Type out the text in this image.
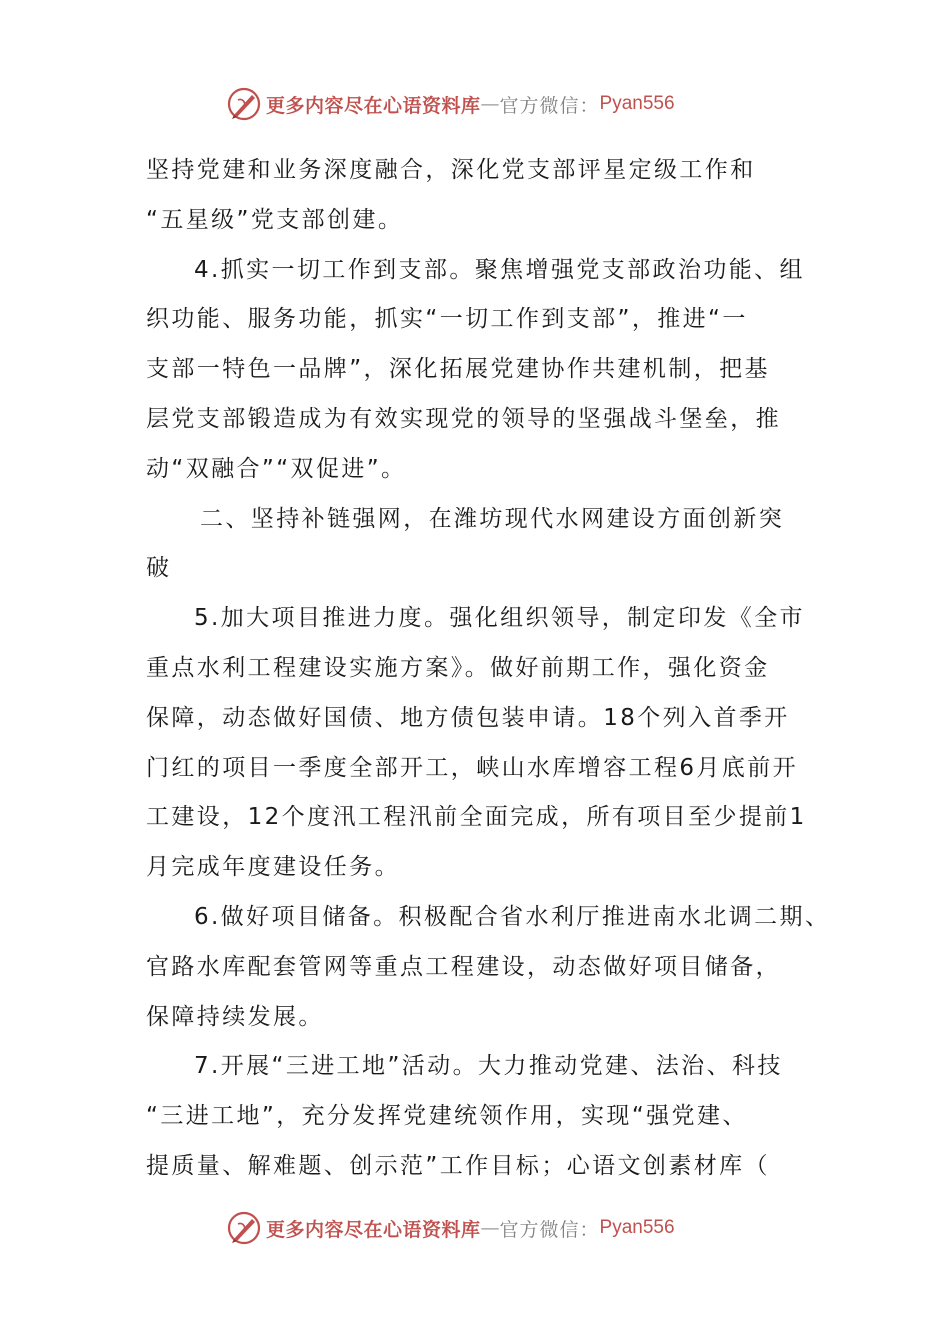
更多内容尽在心语资料库 — 官方微信： Pyan556
坚持党建和业务深度融合，深化党支部评星定级工作和
“五星级”党支部创建。
4.抓实一切工作到支部。聚焦增强党支部政治功能、组
织功能、服务功能，抓实“一切工作到支部”，推进“一
支部一特色一品牌”，深化拓展党建协作共建机制，把基
层党支部锻造成为有效实现党的领导的坚强战斗堡垒，推
动“双融合”“双促进”。
二、坚持补链强网，在潍坊现代水网建设方面创新突
破
5.加大项目推进力度。强化组织领导，制定印发《全市
重点水利工程建设实施方案》。做好前期工作，强化资金
保障，动态做好国债、地方债包装申请。18个列入首季开
门红的项目一季度全部开工，峡山水库增容工程6月底前开
工建设，12个度汛工程汛前全面完成，所有项目至少提前1
月完成年度建设任务。
6.做好项目储备。积极配合省水利厅推进南水北调二期、
官路水库配套管网等重点工程建设，动态做好项目储备，
保障持续发展。
7.开展“三进工地”活动。大力推动党建、法治、科技
“三进工地”，充分发挥党建统领作用，实现“强党建、
提质量、解难题、创示范”工作目标；心语文创素材库（
更多内容尽在心语资料库 — 官方微信： Pyan556
